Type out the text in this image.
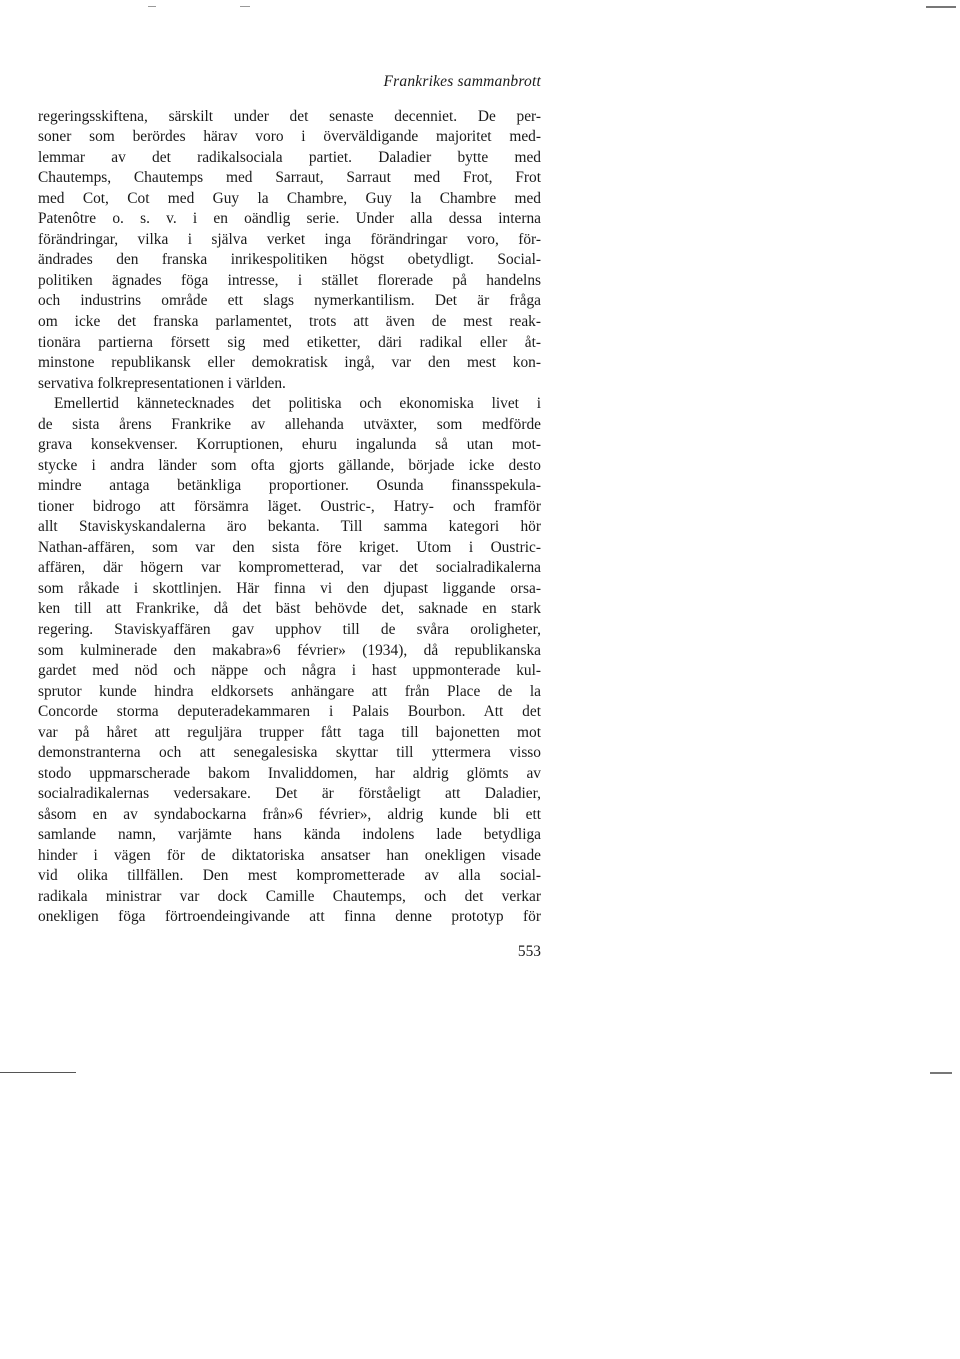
Frankrikes sammanbrott
regeringsskiftena, särskilt under det senaste decenniet. De per-
soner som berördes härav voro i överväldigande majoritet med-
lemmar av det radikalsociala partiet. Daladier bytte med
Chautemps, Chautemps med Sarraut, Sarraut med Frot, Frot
med Cot, Cot med Guy la Chambre, Guy la Chambre med
Patenôtre o. s. v. i en oändlig serie. Under alla dessa interna
förändringar, vilka i själva verket inga förändringar voro, för-
ändrades den franska inrikespolitiken högst obetydligt. Social-
politiken ägnades föga intresse, i stället florerade på handelns
och industrins område ett slags nymerkantilism. Det är fråga
om icke det franska parlamentet, trots att även de mest reak-
tionära partierna försett sig med etiketter, däri radikal eller åt-
minstone republikansk eller demokratisk ingå, var den mest kon-
servativa folkrepresentationen i världen.
Emellertid kännetecknades det politiska och ekonomiska livet i
de sista årens Frankrike av allehanda utväxter, som medförde
grava konsekvenser. Korruptionen, ehuru ingalunda så utan mot-
stycke i andra länder som ofta gjorts gällande, började icke desto
mindre antaga betänkliga proportioner. Osunda finansspekula-
tioner bidrogo att försämra läget. Oustric-, Hatry- och framför
allt Staviskyskandalerna äro bekanta. Till samma kategori hör
Nathan-affären, som var den sista före kriget. Utom i Oustric-
affären, där högern var komprometterad, var det socialradikalerna
som råkade i skottlinjen. Här finna vi den djupast liggande orsa-
ken till att Frankrike, då det bäst behövde det, saknade en stark
regering. Staviskyaffären gav upphov till de svåra oroligheter,
som kulminerade den makabra»6 février» (1934), då republikanska
gardet med nöd och näppe och några i hast uppmonterade kul-
sprutor kunde hindra eldkorsets anhängare att från Place de la
Concorde storma deputeradekammaren i Palais Bourbon. Att det
var på håret att reguljära trupper fått taga till bajonetten mot
demonstranterna och att senegalesiska skyttar till yttermera visso
stodo uppmarscherade bakom Invaliddomen, har aldrig glömts av
socialradikalernas vedersakare. Det är förståeligt att Daladier,
såsom en av syndabockarna från»6 février», aldrig kunde bli ett
samlande namn, varjämte hans kända indolens lade betydliga
hinder i vägen för de diktatoriska ansatser han onekligen visade
vid olika tillfällen. Den mest komprometterade av alla social-
radikala ministrar var dock Camille Chautemps, och det verkar
onekligen föga förtroendeingivande att finna denne prototyp för
553
